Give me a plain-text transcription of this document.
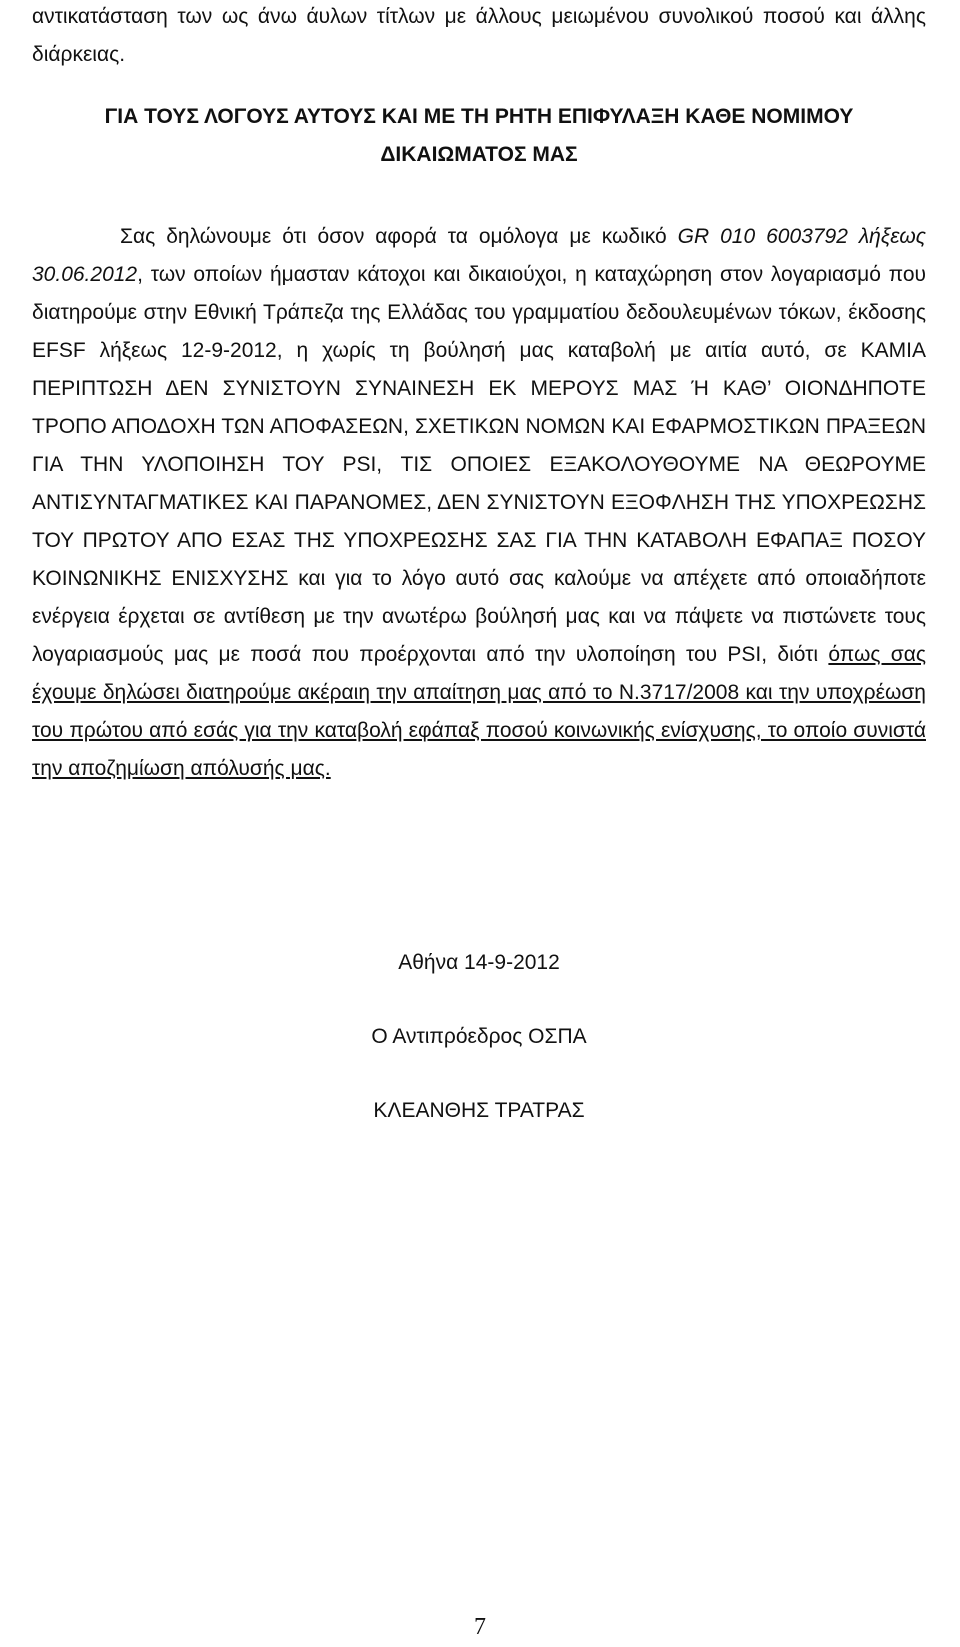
αντικατάσταση των ως άνω άυλων τίτλων με άλλους μειωμένου συνολικού ποσού και άλλης διάρκειας.

ΓΙΑ ΤΟΥΣ ΛΟΓΟΥΣ ΑΥΤΟΥΣ ΚΑΙ ΜΕ ΤΗ ΡΗΤΗ ΕΠΙΦΥΛΑΞΗ ΚΑΘΕ ΝΟΜΙΜΟΥ ΔΙΚΑΙΩΜΑΤΟΣ ΜΑΣ

Σας δηλώνουμε ότι όσον αφορά τα ομόλογα με κωδικό GR 010 6003792 λήξεως 30.06.2012, των οποίων ήμασταν κάτοχοι και δικαιούχοι, η καταχώρηση στον λογαριασμό που διατηρούμε στην Εθνική Τράπεζα της Ελλάδας του γραμματίου δεδουλευμένων τόκων, έκδοσης EFSF λήξεως 12-9-2012, η χωρίς τη βούλησή μας καταβολή με αιτία αυτό, σε ΚΑΜΙΑ ΠΕΡΙΠΤΩΣΗ ΔΕΝ ΣΥΝΙΣΤΟΥΝ ΣΥΝΑΙΝΕΣΗ ΕΚ ΜΕΡΟΥΣ ΜΑΣ Ή ΚΑΘ’ ΟΙΟΝΔΗΠΟΤΕ ΤΡΟΠΟ ΑΠΟΔΟΧΗ ΤΩΝ ΑΠΟΦΑΣΕΩΝ, ΣΧΕΤΙΚΩΝ ΝΟΜΩΝ ΚΑΙ ΕΦΑΡΜΟΣΤΙΚΩΝ ΠΡΑΞΕΩΝ ΓΙΑ ΤΗΝ ΥΛΟΠΟΙΗΣΗ ΤΟΥ PSI, ΤΙΣ ΟΠΟΙΕΣ ΕΞΑΚΟΛΟΥΘΟΥΜΕ ΝΑ ΘΕΩΡΟΥΜΕ ΑΝΤΙΣΥΝΤΑΓΜΑΤΙΚΕΣ ΚΑΙ ΠΑΡΑΝΟΜΕΣ, ΔΕΝ ΣΥΝΙΣΤΟΥΝ ΕΞΟΦΛΗΣΗ ΤΗΣ ΥΠΟΧΡΕΩΣΗΣ ΤΟΥ ΠΡΩΤΟΥ ΑΠΟ ΕΣΑΣ ΤΗΣ ΥΠΟΧΡΕΩΣΗΣ ΣΑΣ ΓΙΑ ΤΗΝ ΚΑΤΑΒΟΛΗ ΕΦΑΠΑΞ ΠΟΣΟΥ ΚΟΙΝΩΝΙΚΗΣ ΕΝΙΣΧΥΣΗΣ και για το λόγο αυτό σας καλούμε να απέχετε από οποιαδήποτε ενέργεια έρχεται σε αντίθεση με την ανωτέρω βούλησή μας και να πάψετε να πιστώνετε τους λογαριασμούς μας με ποσά που προέρχονται από την υλοποίηση του PSI, διότι όπως σας έχουμε δηλώσει διατηρούμε ακέραιη την απαίτηση μας από το Ν.3717/2008 και την υποχρέωση του πρώτου από εσάς για την καταβολή εφάπαξ ποσού κοινωνικής ενίσχυσης, το οποίο συνιστά την αποζημίωση απόλυσής μας.

Αθήνα 14-9-2012

Ο Αντιπρόεδρος ΟΣΠΑ

ΚΛΕΑΝΘΗΣ ΤΡΑΤΡΑΣ

7
